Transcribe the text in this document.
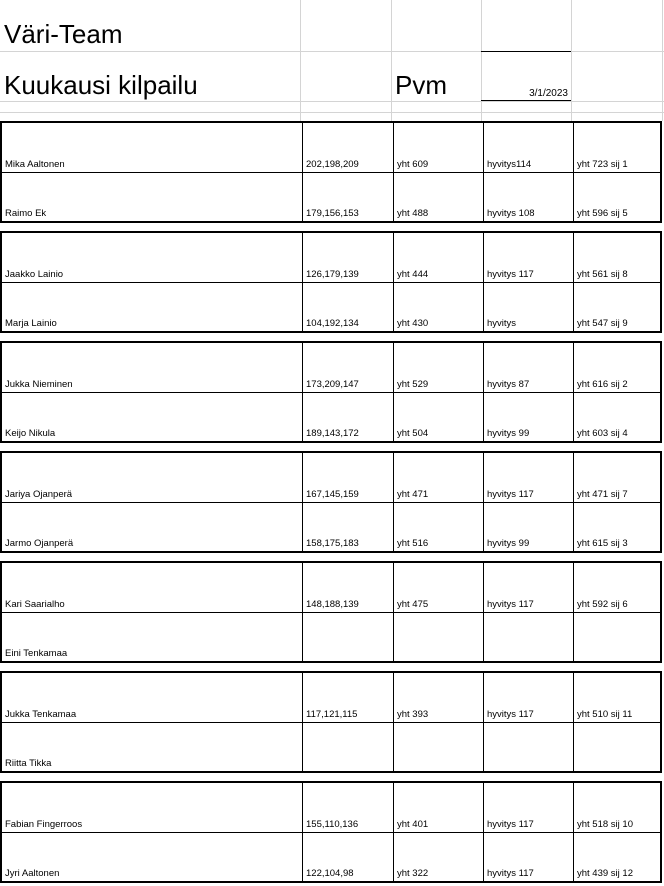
Väri-Team
Kuukausi kilpailu	Pvm	3/1/2023
Mika Aaltonen	202,198,209	yht 609	hyvitys114	yht 723 sij 1
Raimo Ek	179,156,153	yht 488	hyvitys 108	yht 596 sij 5
Jaakko Lainio	126,179,139	yht 444	hyvitys 117	yht 561 sij 8
Marja Lainio	104,192,134	yht 430	hyvitys	yht 547 sij 9
Jukka Nieminen	173,209,147	yht 529	hyvitys 87	yht 616 sij 2
Keijo Nikula	189,143,172	yht 504	hyvitys 99	yht 603 sij 4
Jariya Ojanperä	167,145,159	yht 471	hyvitys 117	yht 471 sij 7
Jarmo Ojanperä	158,175,183	yht 516	hyvitys 99	yht 615 sij 3
Kari Saarialho	148,188,139	yht 475	hyvitys 117	yht 592 sij 6
Eini Tenkamaa
Jukka Tenkamaa	117,121,115	yht 393	hyvitys 117	yht 510 sij 11
Riitta Tikka
Fabian Fingerroos	155,110,136	yht 401	hyvitys 117	yht 518 sij 10
Jyri Aaltonen	122,104,98	yht 322	hyvitys 117	yht 439 sij 12
